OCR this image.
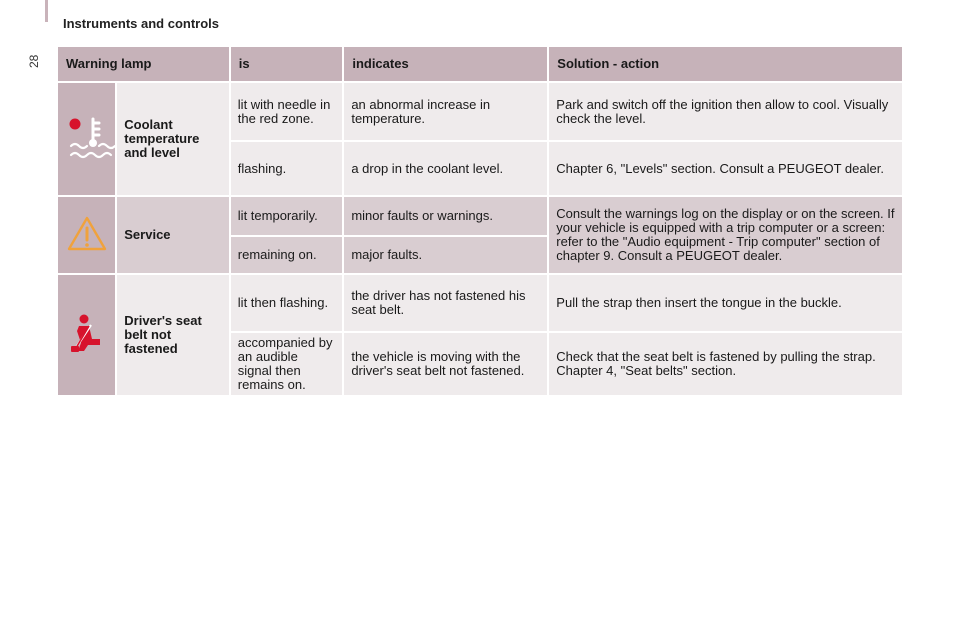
Instruments and controls
28 Warning lamp		is	indicates	Solution - action
	Coolant temperature and level	lit with needle in the red zone.	an abnormal increase in temperature.	Park and switch off the ignition then allow to cool. Visually check the level.
		flashing.	a drop in the coolant level.	Chapter 6, "Levels" section. Consult a PEUGEOT dealer.
	Service	lit temporarily.	minor faults or warnings.	Consult the warnings log on the display or on the screen. If your vehicle is equipped with a trip computer or a screen: refer to the "Audio equipment - Trip computer" section of chapter 9. Consult a PEUGEOT dealer.
		remaining on.	major faults.	
	Driver's seat belt not fastened	lit then flashing.	the driver has not fastened his seat belt.	Pull the strap then insert the tongue in the buckle.
		accompanied by an audible signal then remains on.	the vehicle is moving with the driver's seat belt not fastened.	Check that the seat belt is fastened by pulling the strap. Chapter 4, "Seat belts" section.
